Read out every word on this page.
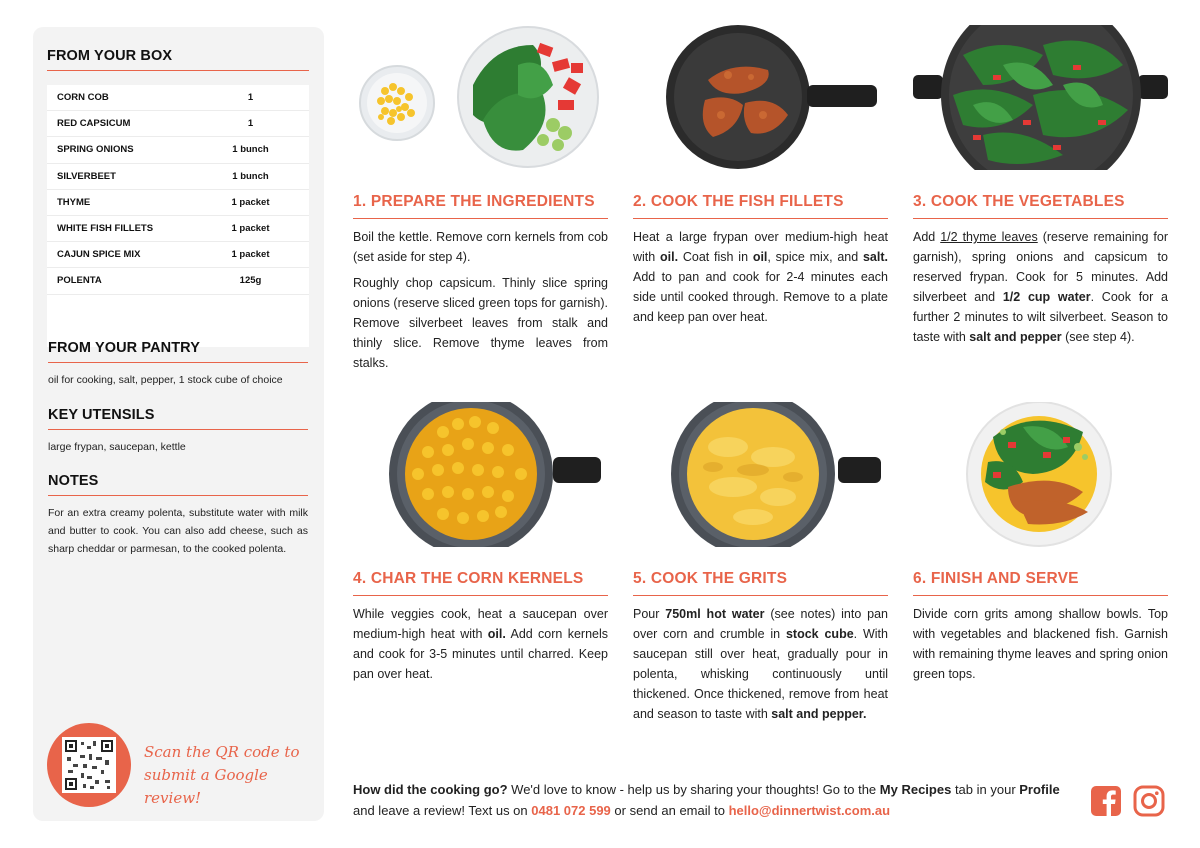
FROM YOUR BOX
CORN COB	1
RED CAPSICUM	1
SPRING ONIONS	1 bunch
SILVERBEET	1 bunch
THYME	1 packet
WHITE FISH FILLETS	1 packet
CAJUN SPICE MIX	1 packet
POLENTA	125g
FROM YOUR PANTRY

oil for cooking, salt, pepper, 1 stock cube of choice

KEY UTENSILS

large frypan, saucepan, kettle

NOTES

For an extra creamy polenta, substitute water with milk and butter to cook. You can also add cheese, such as sharp cheddar or parmesan, to the cooked polenta.

Scan the QR code to
submit a Google review!
1. PREPARE THE INGREDIENTS

Boil the kettle. Remove corn kernels from cob (set aside for step 4).

Roughly chop capsicum. Thinly slice spring onions (reserve sliced green tops for garnish). Remove silverbeet leaves from stalk and thinly slice. Remove thyme leaves from stalks.

2. COOK THE FISH FILLETS

Heat a large frypan over medium-high heat with oil. Coat fish in oil, spice mix, and salt. Add to pan and cook for 2-4 minutes each side until cooked through. Remove to a plate and keep pan over heat.

3. COOK THE VEGETABLES

Add 1/2 thyme leaves (reserve remaining for garnish), spring onions and capsicum to reserved frypan. Cook for 5 minutes. Add silverbeet and 1/2 cup water. Cook for a further 2 minutes to wilt silverbeet. Season to taste with salt and pepper (see step 4).

4. CHAR THE CORN KERNELS

While veggies cook, heat a saucepan over medium-high heat with oil. Add corn kernels and cook for 3-5 minutes until charred. Keep pan over heat.

5. COOK THE GRITS

Pour 750ml hot water (see notes) into pan over corn and crumble in stock cube. With saucepan still over heat, gradually pour in polenta, whisking continuously until thickened. Once thickened, remove from heat and season to taste with salt and pepper.

6. FINISH AND SERVE

Divide corn grits among shallow bowls. Top with vegetables and blackened fish. Garnish with remaining thyme leaves and spring onion green tops.

How did the cooking go? We'd love to know - help us by sharing your thoughts! Go to the My Recipes tab in your Profile and leave a review! Text us on 0481 072 599 or send an email to hello@dinnertwist.com.au
